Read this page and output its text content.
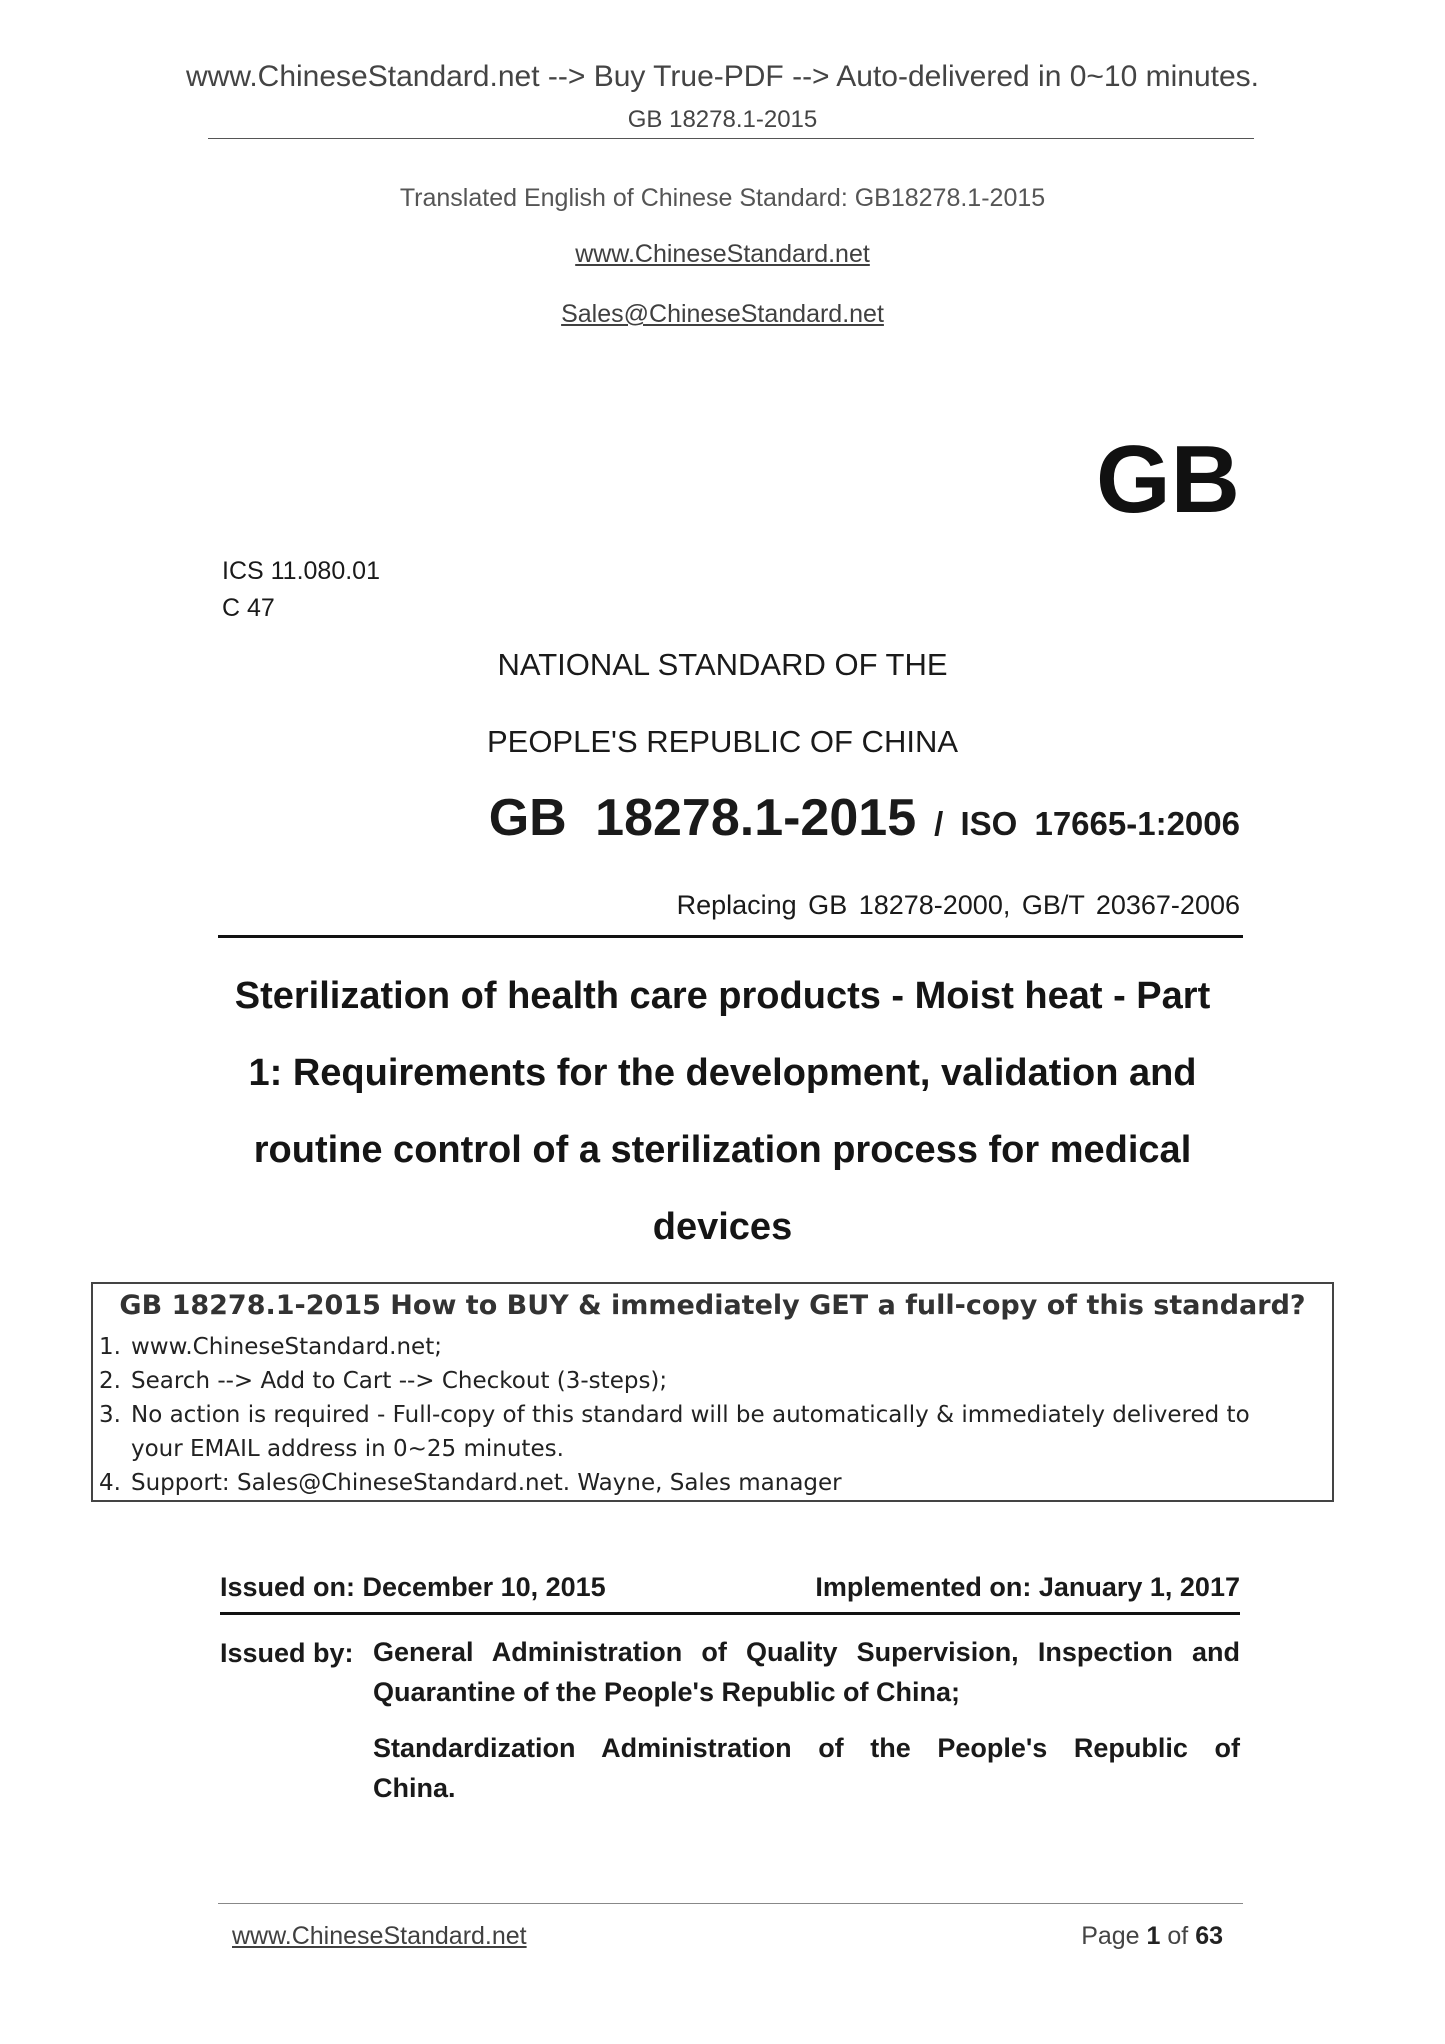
www.ChineseStandard.net --> Buy True-PDF --> Auto-delivered in 0~10 minutes.
GB 18278.1-2015
Translated English of Chinese Standard: GB18278.1-2015
www.ChineseStandard.net
Sales@ChineseStandard.net
GB
ICS 11.080.01
C 47
NATIONAL STANDARD OF THE
PEOPLE'S REPUBLIC OF CHINA
GB 18278.1-2015 / ISO 17665-1:2006
Replacing GB 18278-2000, GB/T 20367-2006
Sterilization of health care products - Moist heat - Part
1: Requirements for the development, validation and
routine control of a sterilization process for medical
devices
GB 18278.1-2015 How to BUY & immediately GET a full-copy of this standard?
1. www.ChineseStandard.net;
2. Search --> Add to Cart --> Checkout (3-steps);
3. No action is required - Full-copy of this standard will be automatically & immediately delivered to
your EMAIL address in 0~25 minutes.
4. Support: Sales@ChineseStandard.net. Wayne, Sales manager
Issued on: December 10, 2015	Implemented on: January 1, 2017
Issued by: General Administration of Quality Supervision, Inspection and Quarantine of the People's Republic of China;
Standardization Administration of the People's Republic of China.
www.ChineseStandard.net	Page 1 of 63
